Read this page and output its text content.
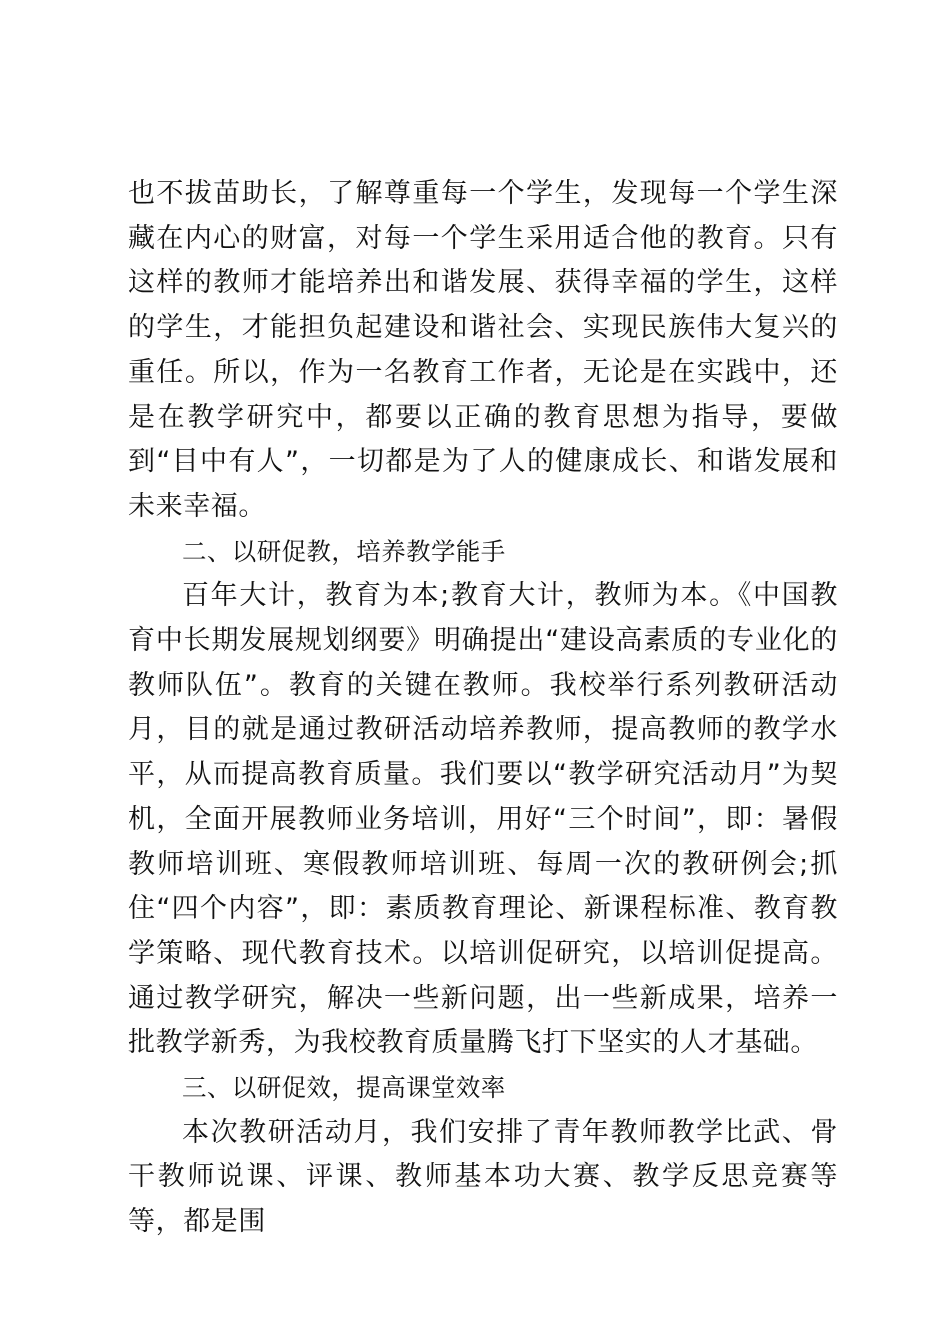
也不拔苗助长，了解尊重每一个学生，发现每一个学生深藏在内心的财富，对每一个学生采用适合他的教育。只有这样的教师才能培养出和谐发展、获得幸福的学生，这样的学生，才能担负起建设和谐社会、实现民族伟大复兴的重任。所以，作为一名教育工作者，无论是在实践中，还是在教学研究中，都要以正确的教育思想为指导，要做到“目中有人”，一切都是为了人的健康成长、和谐发展和未来幸福。

二、以研促教，培养教学能手

百年大计，教育为本;教育大计，教师为本。《中国教育中长期发展规划纲要》明确提出“建设高素质的专业化的教师队伍”。教育的关键在教师。我校举行系列教研活动月，目的就是通过教研活动培养教师，提高教师的教学水平，从而提高教育质量。我们要以“教学研究活动月”为契机，全面开展教师业务培训，用好“三个时间”，即：暑假教师培训班、寒假教师培训班、每周一次的教研例会;抓住“四个内容”，即：素质教育理论、新课程标准、教育教学策略、现代教育技术。以培训促研究，以培训促提高。通过教学研究，解决一些新问题，出一些新成果，培养一批教学新秀，为我校教育质量腾飞打下坚实的人才基础。

三、以研促效，提高课堂效率

本次教研活动月，我们安排了青年教师教学比武、骨干教师说课、评课、教师基本功大赛、教学反思竞赛等等，都是围
